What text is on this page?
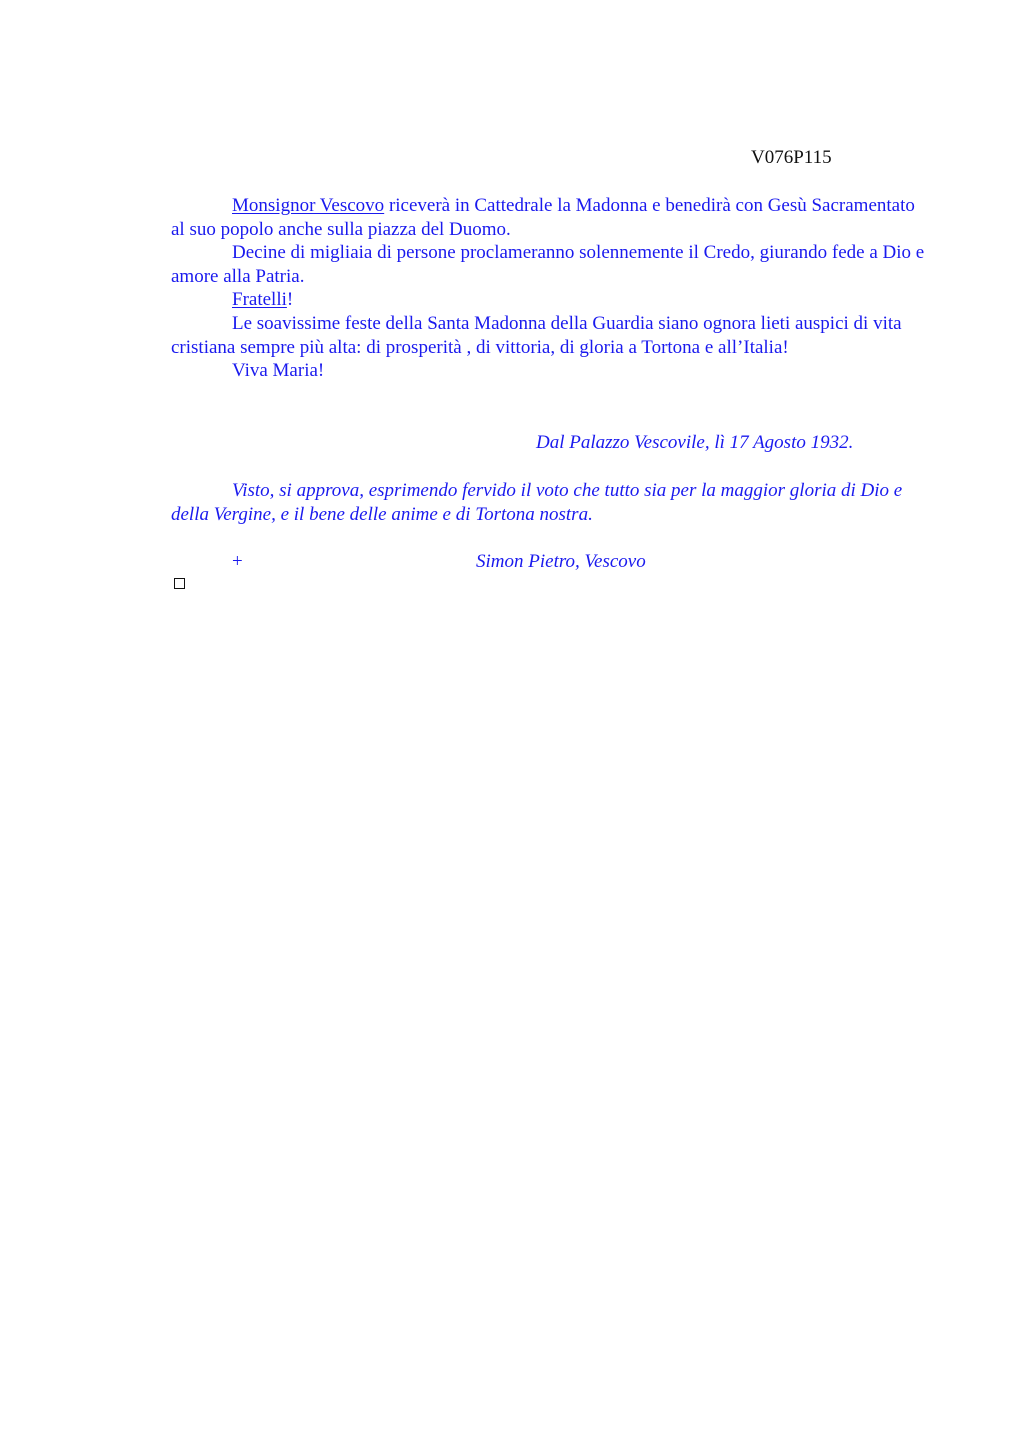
V076P115

Monsignor Vescovo riceverà in Cattedrale la Madonna e benedirà con Gesù Sacramentato al suo popolo anche sulla piazza del Duomo.

Decine di migliaia di persone proclameranno solennemente il Credo, giurando fede a Dio e amore alla Patria.

Fratelli!

Le soavissime feste della Santa Madonna della Guardia siano ognora lieti auspici di vita cristiana sempre più alta: di prosperità , di vittoria, di gloria a Tortona e all’Italia!

Viva Maria!

Dal Palazzo Vescovile, lì 17 Agosto 1932.

Visto, si approva, esprimendo fervido il voto che tutto sia per la maggior gloria di Dio e della Vergine, e il bene delle anime e di Tortona nostra.

+	Simon Pietro, Vescovo
